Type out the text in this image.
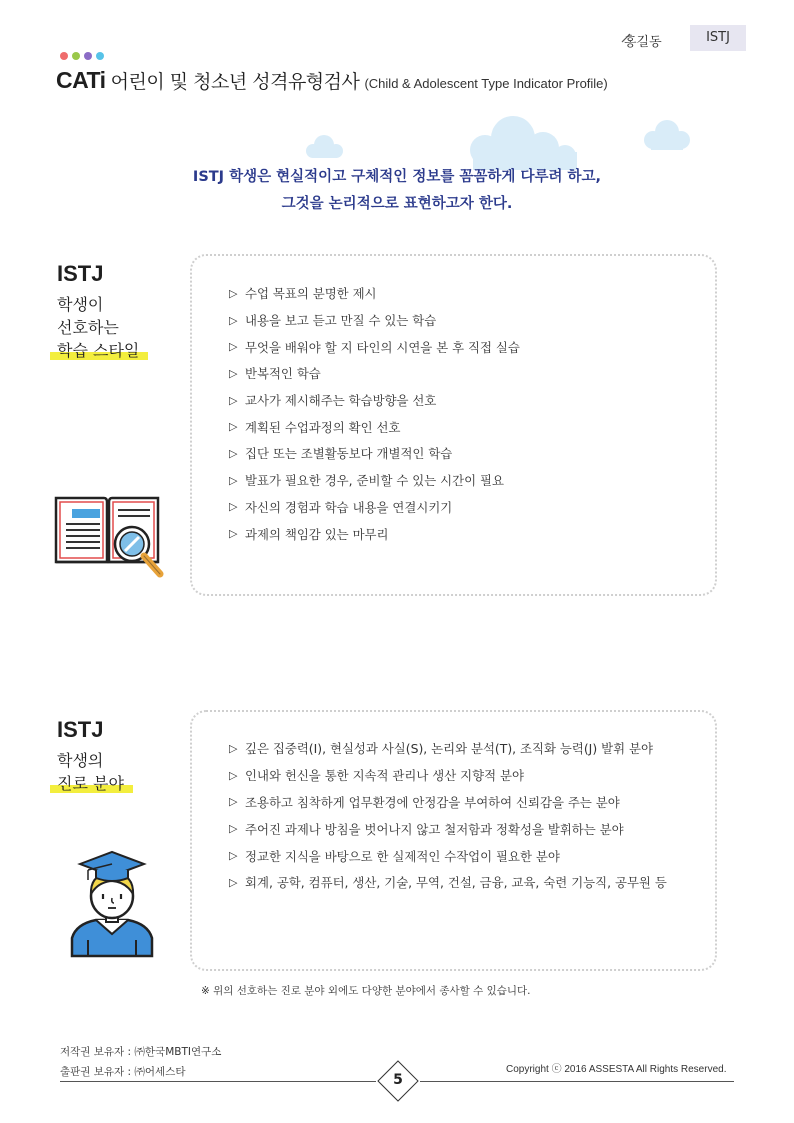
홍길동	ISTJ
CATi 어린이 및 청소년 성격유형검사 (Child & Adolescent Type Indicator Profile)
ISTJ 학생은 현실적이고 구체적인 정보를 꼼꼼하게 다루려 하고,
그것을 논리적으로 표현하고자 한다.
ISTJ
학생이
선호하는
학습 스타일
▷ 수업 목표의 분명한 제시
▷ 내용을 보고 듣고 만질 수 있는 학습
▷ 무엇을 배워야 할 지 타인의 시연을 본 후 직접 실습
▷ 반복적인 학습
▷ 교사가 제시해주는 학습방향을 선호
▷ 계획된 수업과정의 확인 선호
▷ 집단 또는 조별활동보다 개별적인 학습
▷ 발표가 필요한 경우, 준비할 수 있는 시간이 필요
▷ 자신의 경험과 학습 내용을 연결시키기
▷ 과제의 책임감 있는 마무리
ISTJ
학생의
진로 분야
▷ 깊은 집중력(I), 현실성과 사실(S), 논리와 분석(T), 조직화 능력(J) 발휘 분야
▷ 인내와 헌신을 통한 지속적 관리나 생산 지향적 분야
▷ 조용하고 침착하게 업무환경에 안정감을 부여하여 신뢰감을 주는 분야
▷ 주어진 과제나 방침을 벗어나지 않고 철저함과 정확성을 발휘하는 분야
▷ 정교한 지식을 바탕으로 한 실제적인 수작업이 필요한 분야
▷ 회계, 공학, 컴퓨터, 생산, 기술, 무역, 건설, 금융, 교육, 숙련 기능직, 공무원 등
※ 위의 선호하는 진로 분야 외에도 다양한 분야에서 종사할 수 있습니다.
저작권 보유자 : ㈜한국MBTI연구소
출판권 보유자 : ㈜어세스타	5
Copyright ⓒ 2016 ASSESTA All Rights Reserved.
